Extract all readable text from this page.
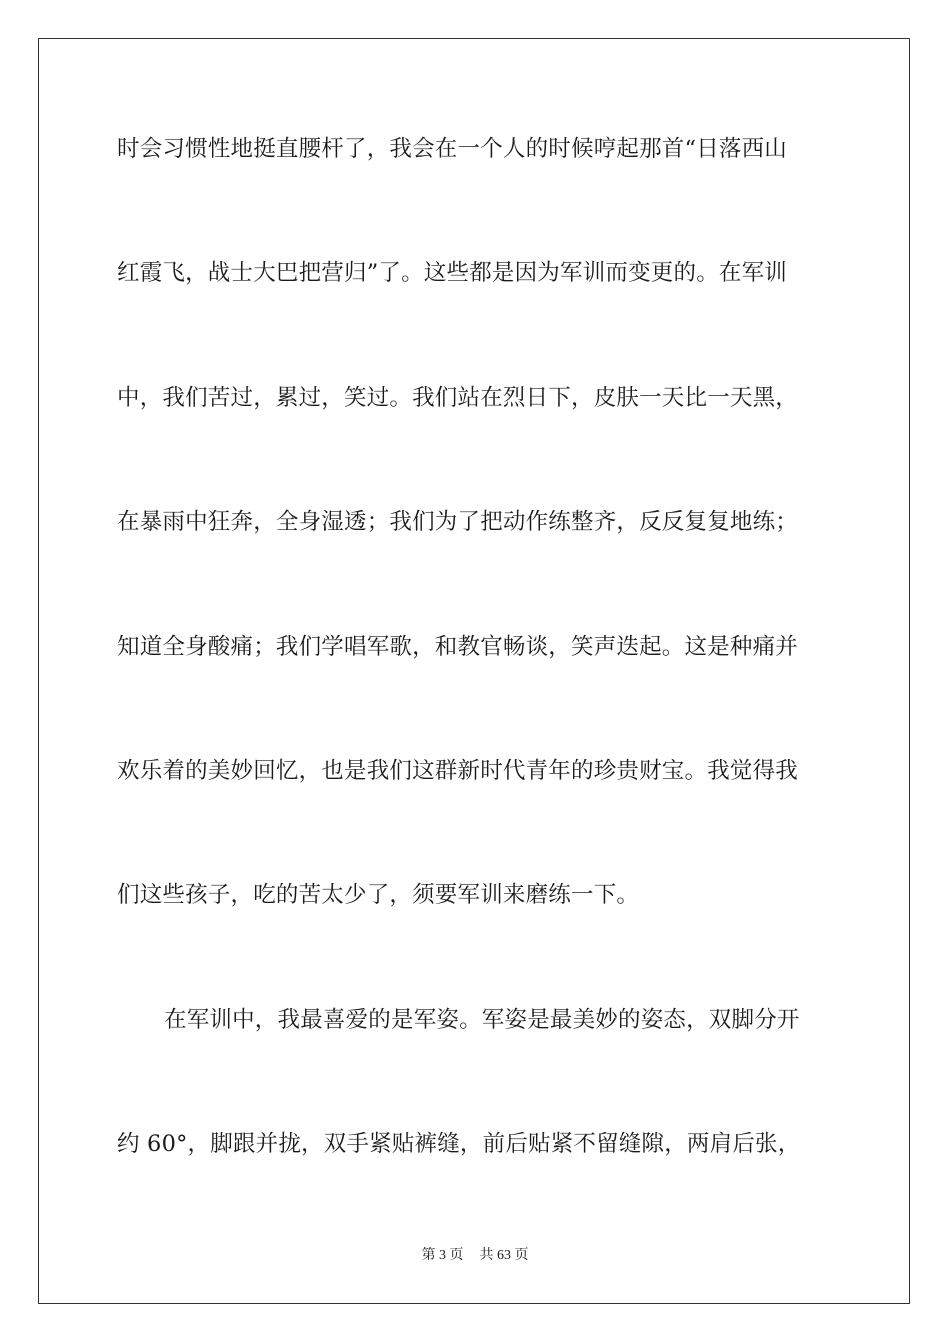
时会习惯性地挺直腰杆了，我会在一个人的时候哼起那首“日落西山
红霞飞，战士大巴把营归”了。这些都是因为军训而变更的。在军训
中，我们苦过，累过，笑过。我们站在烈日下，皮肤一天比一天黑，
在暴雨中狂奔，全身湿透；我们为了把动作练整齐，反反复复地练；
知道全身酸痛；我们学唱军歌，和教官畅谈，笑声迭起。这是种痛并
欢乐着的美妙回忆，也是我们这群新时代青年的珍贵财宝。我觉得我
们这些孩子，吃的苦太少了，须要军训来磨练一下。
在军训中，我最喜爱的是军姿。军姿是最美妙的姿态，双脚分开
约 60°，脚跟并拢，双手紧贴裤缝，前后贴紧不留缝隙，两肩后张，
第 3 页 共 63 页
